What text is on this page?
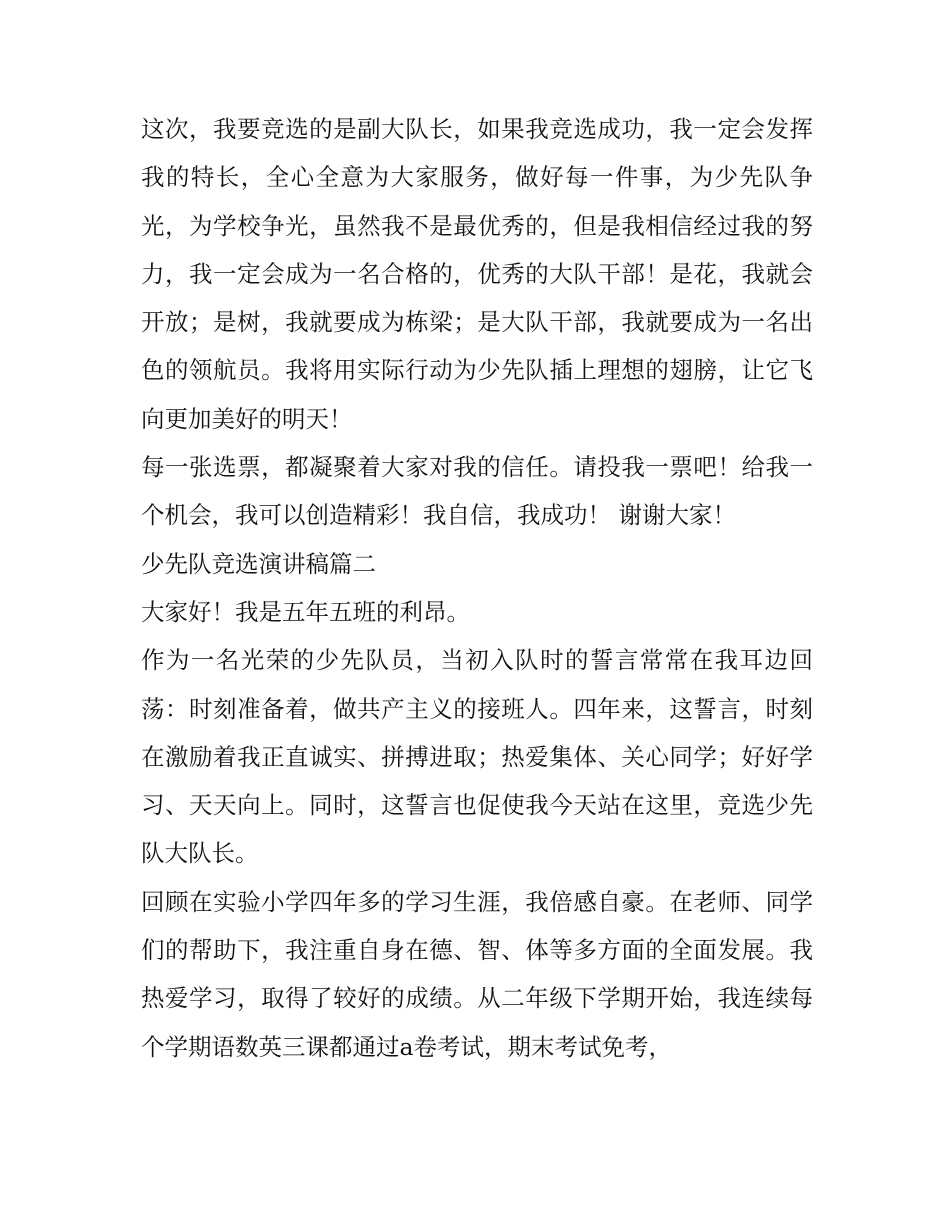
这次，我要竞选的是副大队长，如果我竞选成功，我一定会发挥我的特长，全心全意为大家服务，做好每一件事，为少先队争光，为学校争光，虽然我不是最优秀的，但是我相信经过我的努力，我一定会成为一名合格的，优秀的大队干部！是花，我就会开放；是树，我就要成为栋梁；是大队干部，我就要成为一名出色的领航员。我将用实际行动为少先队插上理想的翅膀，让它飞向更加美好的明天！

每一张选票，都凝聚着大家对我的信任。请投我一票吧！给我一个机会，我可以创造精彩！我自信，我成功！ 谢谢大家！

少先队竞选演讲稿篇二

大家好！我是五年五班的利昂。

作为一名光荣的少先队员，当初入队时的誓言常常在我耳边回荡：时刻准备着，做共产主义的接班人。四年来，这誓言，时刻在激励着我正直诚实、拼搏进取；热爱集体、关心同学；好好学习、天天向上。同时，这誓言也促使我今天站在这里，竞选少先队大队长。

回顾在实验小学四年多的学习生涯，我倍感自豪。在老师、同学们的帮助下，我注重自身在德、智、体等多方面的全面发展。我热爱学习，取得了较好的成绩。从二年级下学期开始，我连续每个学期语数英三课都通过a卷考试，期末考试免考，
